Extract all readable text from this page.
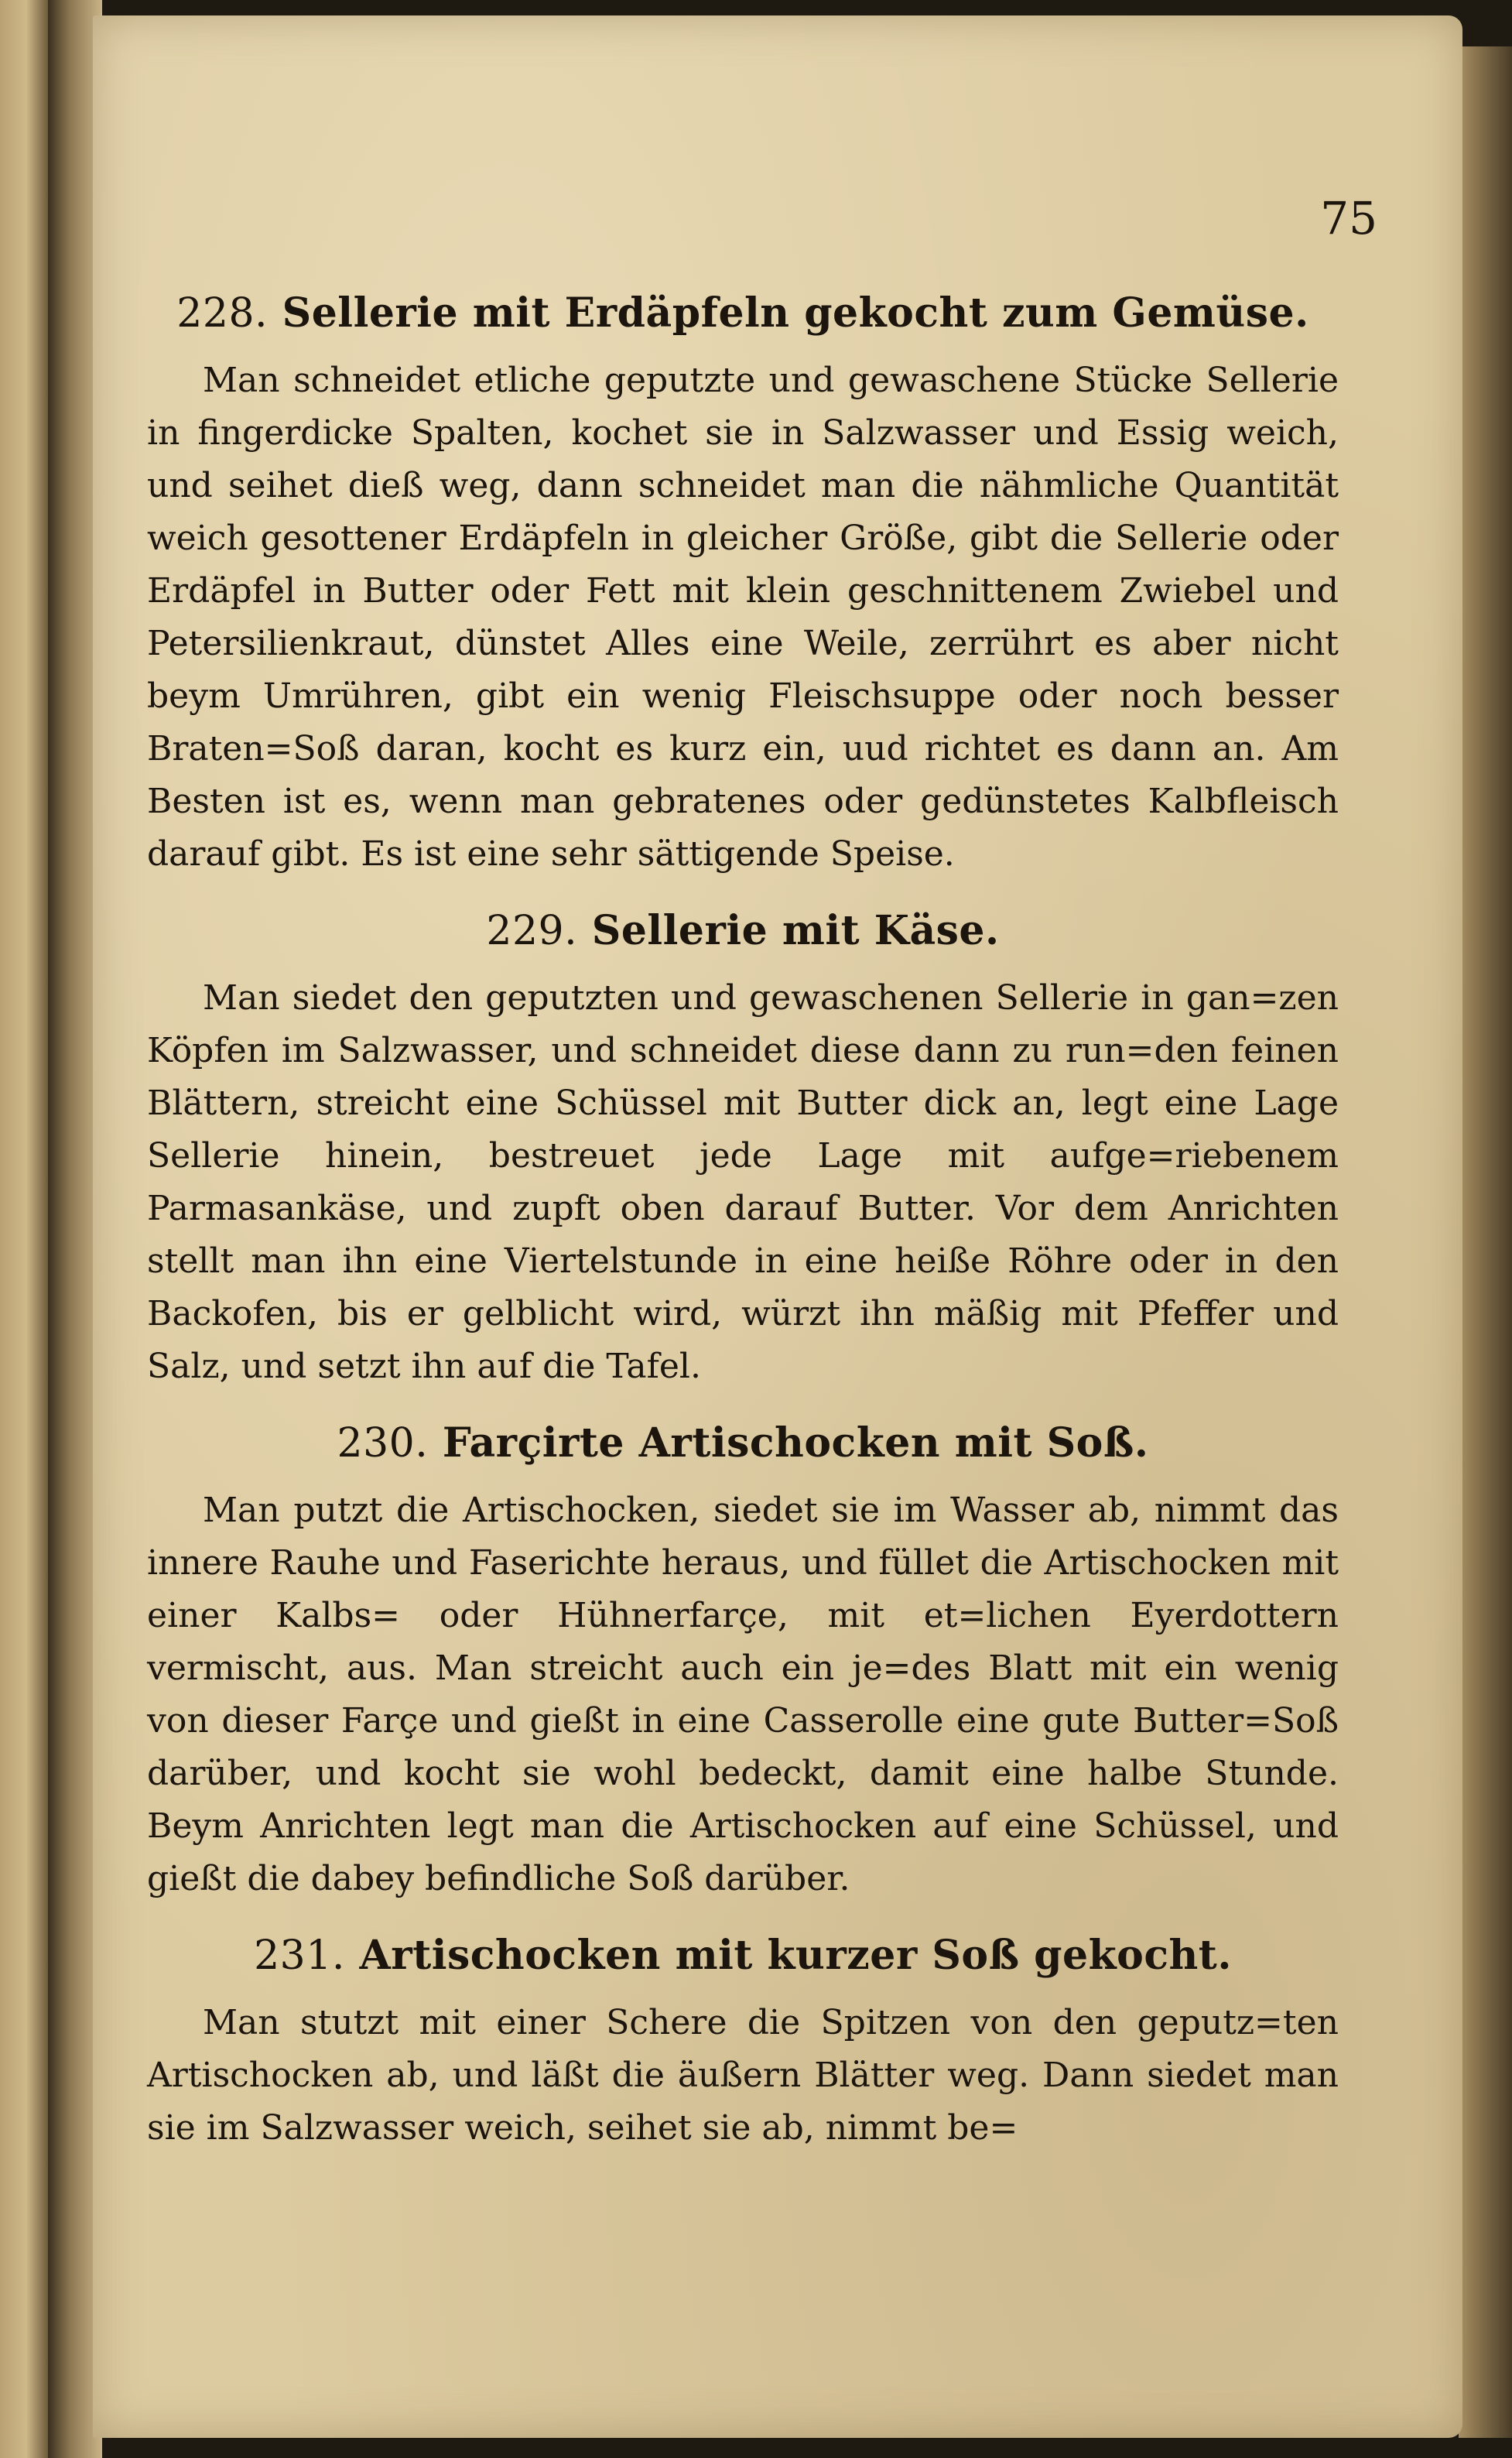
75
228. Sellerie mit Erdäpfeln gekocht zum Gemüse.

Man schneidet etliche geputzte und gewaschene Stücke Sellerie in fingerdicke Spalten, kochet sie in Salzwasser und Essig weich, und seihet dieß weg, dann schneidet man die nähmliche Quantität weich gesottener Erdäpfeln in gleicher Größe, gibt die Sellerie oder Erdäpfel in Butter oder Fett mit klein geschnittenem Zwiebel und Petersilienkraut, dünstet Alles eine Weile, zerrührt es aber nicht beym Umrühren, gibt ein wenig Fleischsuppe oder noch besser Braten=Soß daran, kocht es kurz ein, uud richtet es dann an. Am Besten ist es, wenn man gebratenes oder gedünstetes Kalbfleisch darauf gibt. Es ist eine sehr sättigende Speise.

229. Sellerie mit Käse.

Man siedet den geputzten und gewaschenen Sellerie in gan=zen Köpfen im Salzwasser, und schneidet diese dann zu run=den feinen Blättern, streicht eine Schüssel mit Butter dick an, legt eine Lage Sellerie hinein, bestreuet jede Lage mit aufge=riebenem Parmasankäse, und zupft oben darauf Butter. Vor dem Anrichten stellt man ihn eine Viertelstunde in eine heiße Röhre oder in den Backofen, bis er gelblicht wird, würzt ihn mäßig mit Pfeffer und Salz, und setzt ihn auf die Tafel.

230. Farçirte Artischocken mit Soß.

Man putzt die Artischocken, siedet sie im Wasser ab, nimmt das innere Rauhe und Faserichte heraus, und füllet die Artischocken mit einer Kalbs= oder Hühnerfarçe, mit et=lichen Eyerdottern vermischt, aus. Man streicht auch ein je=des Blatt mit ein wenig von dieser Farçe und gießt in eine Casserolle eine gute Butter=Soß darüber, und kocht sie wohl bedeckt, damit eine halbe Stunde. Beym Anrichten legt man die Artischocken auf eine Schüssel, und gießt die dabey befindliche Soß darüber.

231. Artischocken mit kurzer Soß gekocht.

Man stutzt mit einer Schere die Spitzen von den geputz=ten Artischocken ab, und läßt die äußern Blätter weg. Dann siedet man sie im Salzwasser weich, seihet sie ab, nimmt be=
